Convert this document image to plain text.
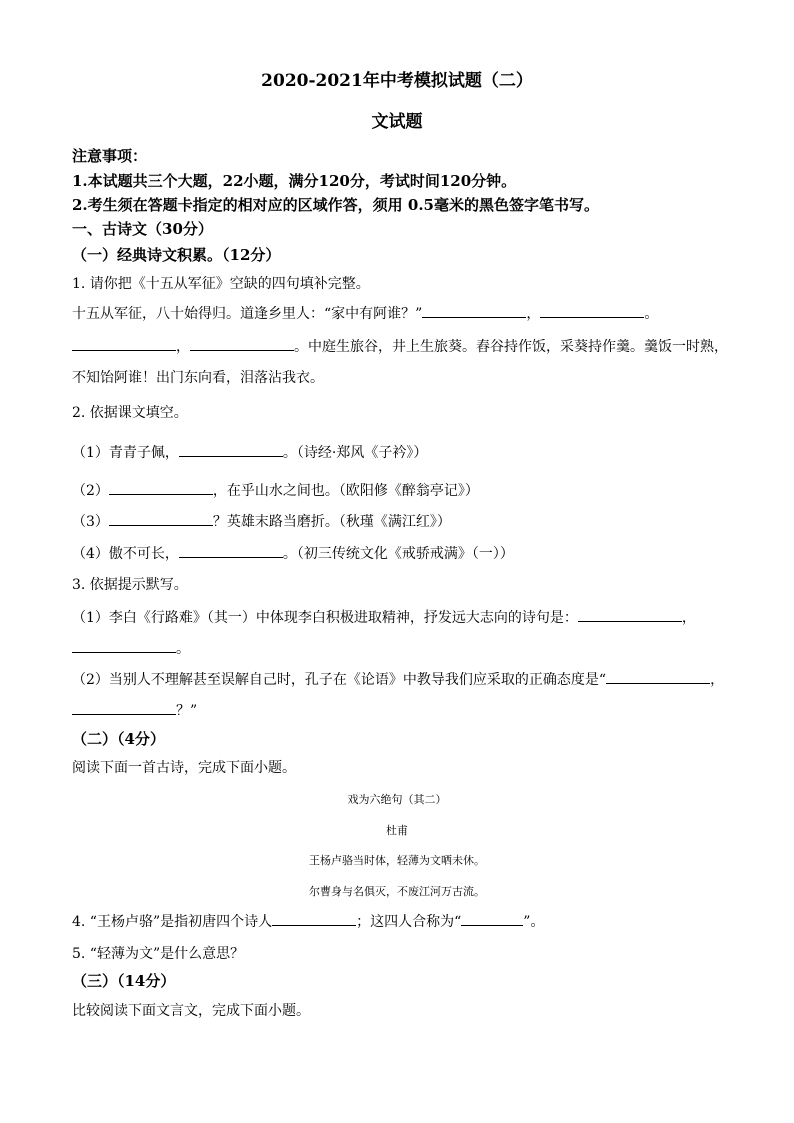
2020-2021年中考模拟试题（二）
文试题
注意事项：
1.本试题共三个大题，22小题，满分120分，考试时间120分钟。
2.考生须在答题卡指定的相对应的区域作答，须用 0.5毫米的黑色签字笔书写。
一、古诗文（30分）
（一）经典诗文积累。（12分）
1. 请你把《十五从军征》空缺的四句填补完整。
十五从军征，八十始得归。道逢乡里人：“家中有阿谁？”	，	。
，	。中庭生旅谷，井上生旅葵。舂谷持作饭，采葵持作羹。羹饭一时熟，
不知饴阿谁！出门东向看，泪落沾我衣。
2. 依据课文填空。
（1）青青子佩，	。（诗经·郑风《子衿》）
（2）	，在乎山水之间也。（欧阳修《醉翁亭记》）
（3）	？英雄末路当磨折。（秋瑾《满江红》）
（4）傲不可长，	。（初三传统文化《戒骄戒满》（一））
3. 依据提示默写。
（1）李白《行路难》（其一）中体现李白积极进取精神，抒发远大志向的诗句是：	，
。
（2）当别人不理解甚至误解自己时，孔子在《论语》中教导我们应采取的正确态度是“	，
？”
（二）（4分）
阅读下面一首古诗，完成下面小题。
戏为六绝句（其二）
杜甫
王杨卢骆当时体，轻薄为文哂未休。
尔曹身与名俱灭，不废江河万古流。
4. “王杨卢骆”是指初唐四个诗人	；这四人合称为“	”。
5. “轻薄为文”是什么意思？
（三）（14分）
比较阅读下面文言文，完成下面小题。
